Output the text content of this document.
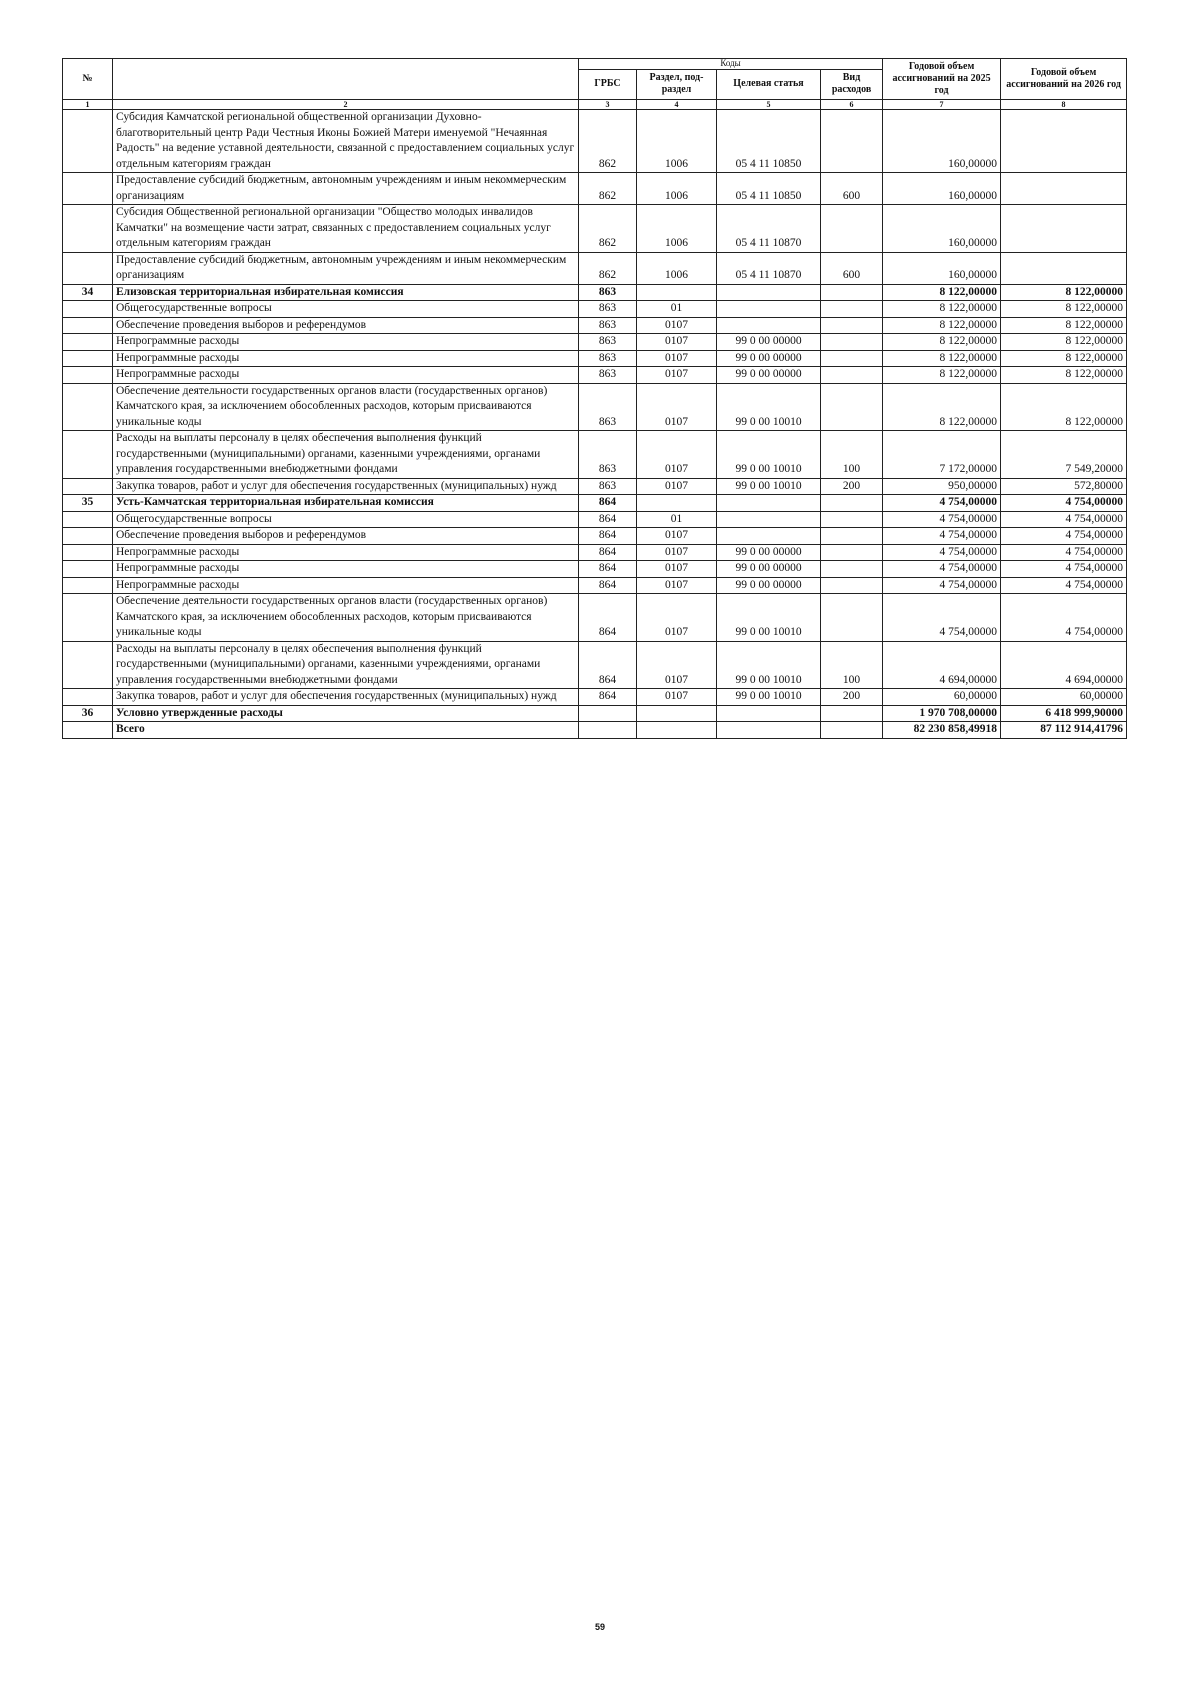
№		Коды				Годовой объем ассигнований на 2025 год	Годовой объем ассигнований на 2026 год
		ГРБС	Раздел, под-раздел	Целевая статья	Вид расходов		
1	2	3	4	5	6	7	8
	Субсидия Камчатской региональной общественной организации Духовно-благотворительный центр Ради Честныя Иконы Божией Матери именуемой "Нечаянная Радость" на ведение уставной деятельности, связанной с предоставлением социальных услуг отдельным категориям граждан	862	1006	05 4 11 10850		160,00000	
	Предоставление субсидий бюджетным, автономным учреждениям и иным некоммерческим организациям	862	1006	05 4 11 10850	600	160,00000	
	Субсидия Общественной региональной организации "Общество молодых инвалидов Камчатки" на возмещение части затрат, связанных с предоставлением социальных услуг отдельным категориям граждан	862	1006	05 4 11 10870		160,00000	
	Предоставление субсидий бюджетным, автономным учреждениям и иным некоммерческим организациям	862	1006	05 4 11 10870	600	160,00000	
34	Елизовская территориальная избирательная комиссия	863				8 122,00000	8 122,00000
	Общегосударственные вопросы	863	01			8 122,00000	8 122,00000
	Обеспечение проведения выборов и референдумов	863	0107			8 122,00000	8 122,00000
	Непрограммные расходы	863	0107	99 0 00 00000		8 122,00000	8 122,00000
	Непрограммные расходы	863	0107	99 0 00 00000		8 122,00000	8 122,00000
	Непрограммные расходы	863	0107	99 0 00 00000		8 122,00000	8 122,00000
	Обеспечение деятельности государственных органов власти (государственных органов) Камчатского края, за исключением обособленных расходов, которым присваиваются уникальные коды	863	0107	99 0 00 10010		8 122,00000	8 122,00000
	Расходы на выплаты персоналу в целях обеспечения выполнения функций государственными (муниципальными) органами, казенными учреждениями, органами управления государственными внебюджетными фондами	863	0107	99 0 00 10010	100	7 172,00000	7 549,20000
	Закупка товаров, работ и услуг для обеспечения государственных (муниципальных) нужд	863	0107	99 0 00 10010	200	950,00000	572,80000
35	Усть-Камчатская территориальная избирательная комиссия	864				4 754,00000	4 754,00000
	Общегосударственные вопросы	864	01			4 754,00000	4 754,00000
	Обеспечение проведения выборов и референдумов	864	0107			4 754,00000	4 754,00000
	Непрограммные расходы	864	0107	99 0 00 00000		4 754,00000	4 754,00000
	Непрограммные расходы	864	0107	99 0 00 00000		4 754,00000	4 754,00000
	Непрограммные расходы	864	0107	99 0 00 00000		4 754,00000	4 754,00000
	Обеспечение деятельности государственных органов власти (государственных органов) Камчатского края, за исключением обособленных расходов, которым присваиваются уникальные коды	864	0107	99 0 00 10010		4 754,00000	4 754,00000
	Расходы на выплаты персоналу в целях обеспечения выполнения функций государственными (муниципальными) органами, казенными учреждениями, органами управления государственными внебюджетными фондами	864	0107	99 0 00 10010	100	4 694,00000	4 694,00000
	Закупка товаров, работ и услуг для обеспечения государственных (муниципальных) нужд	864	0107	99 0 00 10010	200	60,00000	60,00000
36	Условно утвержденные расходы					1 970 708,00000	6 418 999,90000
	Всего					82 230 858,49918	87 112 914,41796
59
